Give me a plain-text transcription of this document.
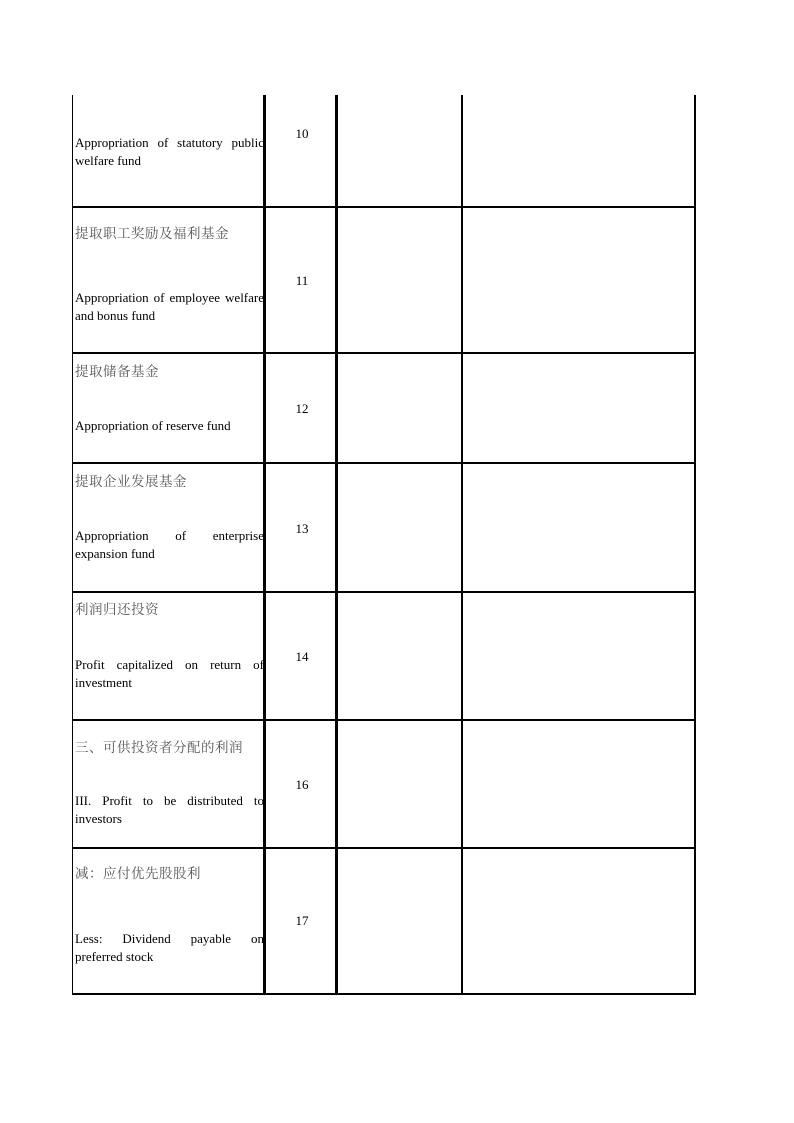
Appropriation of statutory public welfare fund
10
提取职工奖励及福利基金
Appropriation of employee welfare and bonus fund
11
提取储备基金
Appropriation of reserve fund
12
提取企业发展基金
Appropriation of enterprise expansion fund
13
利润归还投资
Profit capitalized on return of investment
14
三、可供投资者分配的利润
III. Profit to be distributed to investors
16
减：应付优先股股利
Less: Dividend payable on preferred stock
17
